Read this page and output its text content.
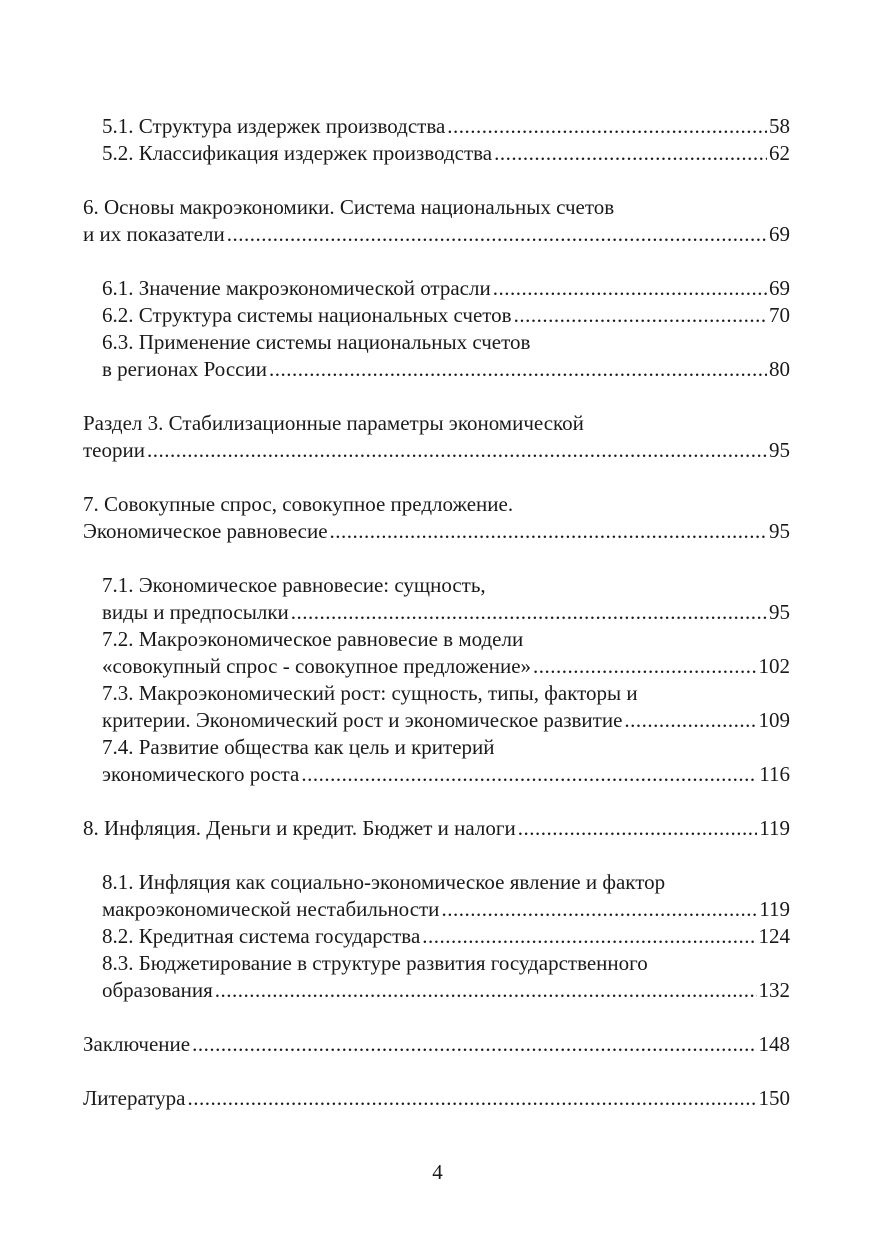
5.1. Структура издержек производства .....	58
5.2. Классификация издержек производства .....	62
6. Основы макроэкономики. Система национальных счетов
и их показатели .....	69
6.1. Значение макроэкономической отрасли .....	69
6.2. Структура системы национальных счетов .....	70
6.3. Применение системы национальных счетов
в регионах России .....	80
Раздел 3. Стабилизационные параметры экономической
теории .....	95
7. Совокупные спрос, совокупное предложение.
Экономическое равновесие .....	95
7.1. Экономическое равновесие: сущность,
виды и предпосылки .....	95
7.2. Макроэкономическое равновесие в модели
«совокупный спрос - совокупное предложение» .....	102
7.3. Макроэкономический рост: сущность, типы, факторы и
критерии. Экономический рост и экономическое развитие .....	109
7.4. Развитие общества как цель и критерий
экономического роста .....	116
8. Инфляция. Деньги и кредит. Бюджет и налоги .....	119
8.1. Инфляция как социально-экономическое явление и фактор
макроэкономической нестабильности .....	119
8.2. Кредитная система государства .....	124
8.3. Бюджетирование в структуре развития государственного
образования .....	132
Заключение .....	148
Литература .....	150
4
